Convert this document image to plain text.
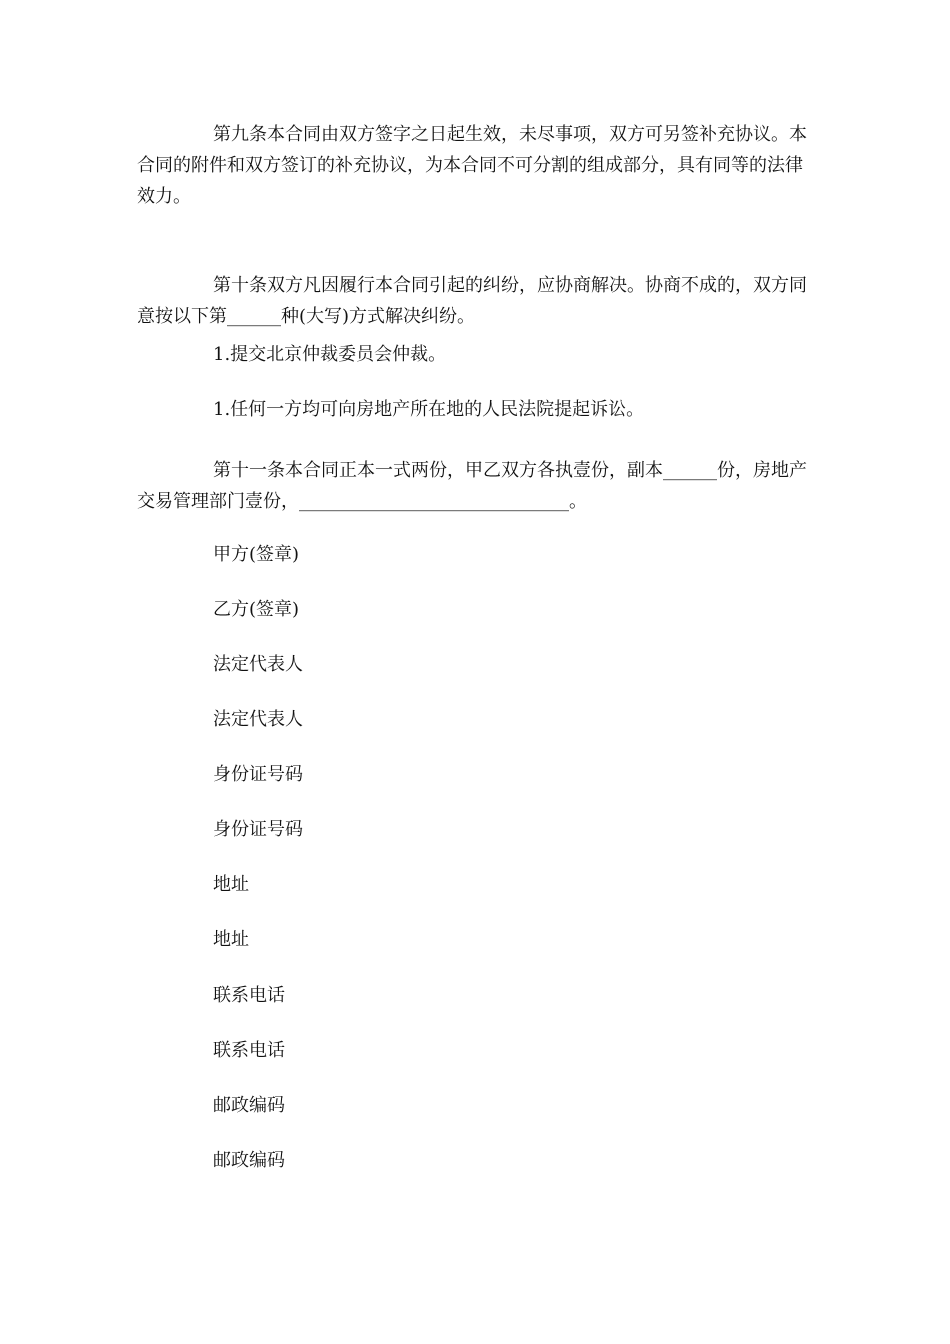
第九条本合同由双方签字之日起生效，未尽事项，双方可另签补充协议。本合同的附件和双方签订的补充协议，为本合同不可分割的组成部分，具有同等的法律效力。

第十条双方凡因履行本合同引起的纠纷，应协商解决。协商不成的，双方同意按以下第______种(大写)方式解决纠纷。

1.提交北京仲裁委员会仲裁。
1.任何一方均可向房地产所在地的人民法院提起诉讼。

第十一条本合同正本一式两份，甲乙双方各执壹份，副本______份，房地产交易管理部门壹份，______________________________。

甲方(签章)
乙方(签章)
法定代表人
法定代表人
身份证号码
身份证号码
地址
地址
联系电话
联系电话
邮政编码
邮政编码
